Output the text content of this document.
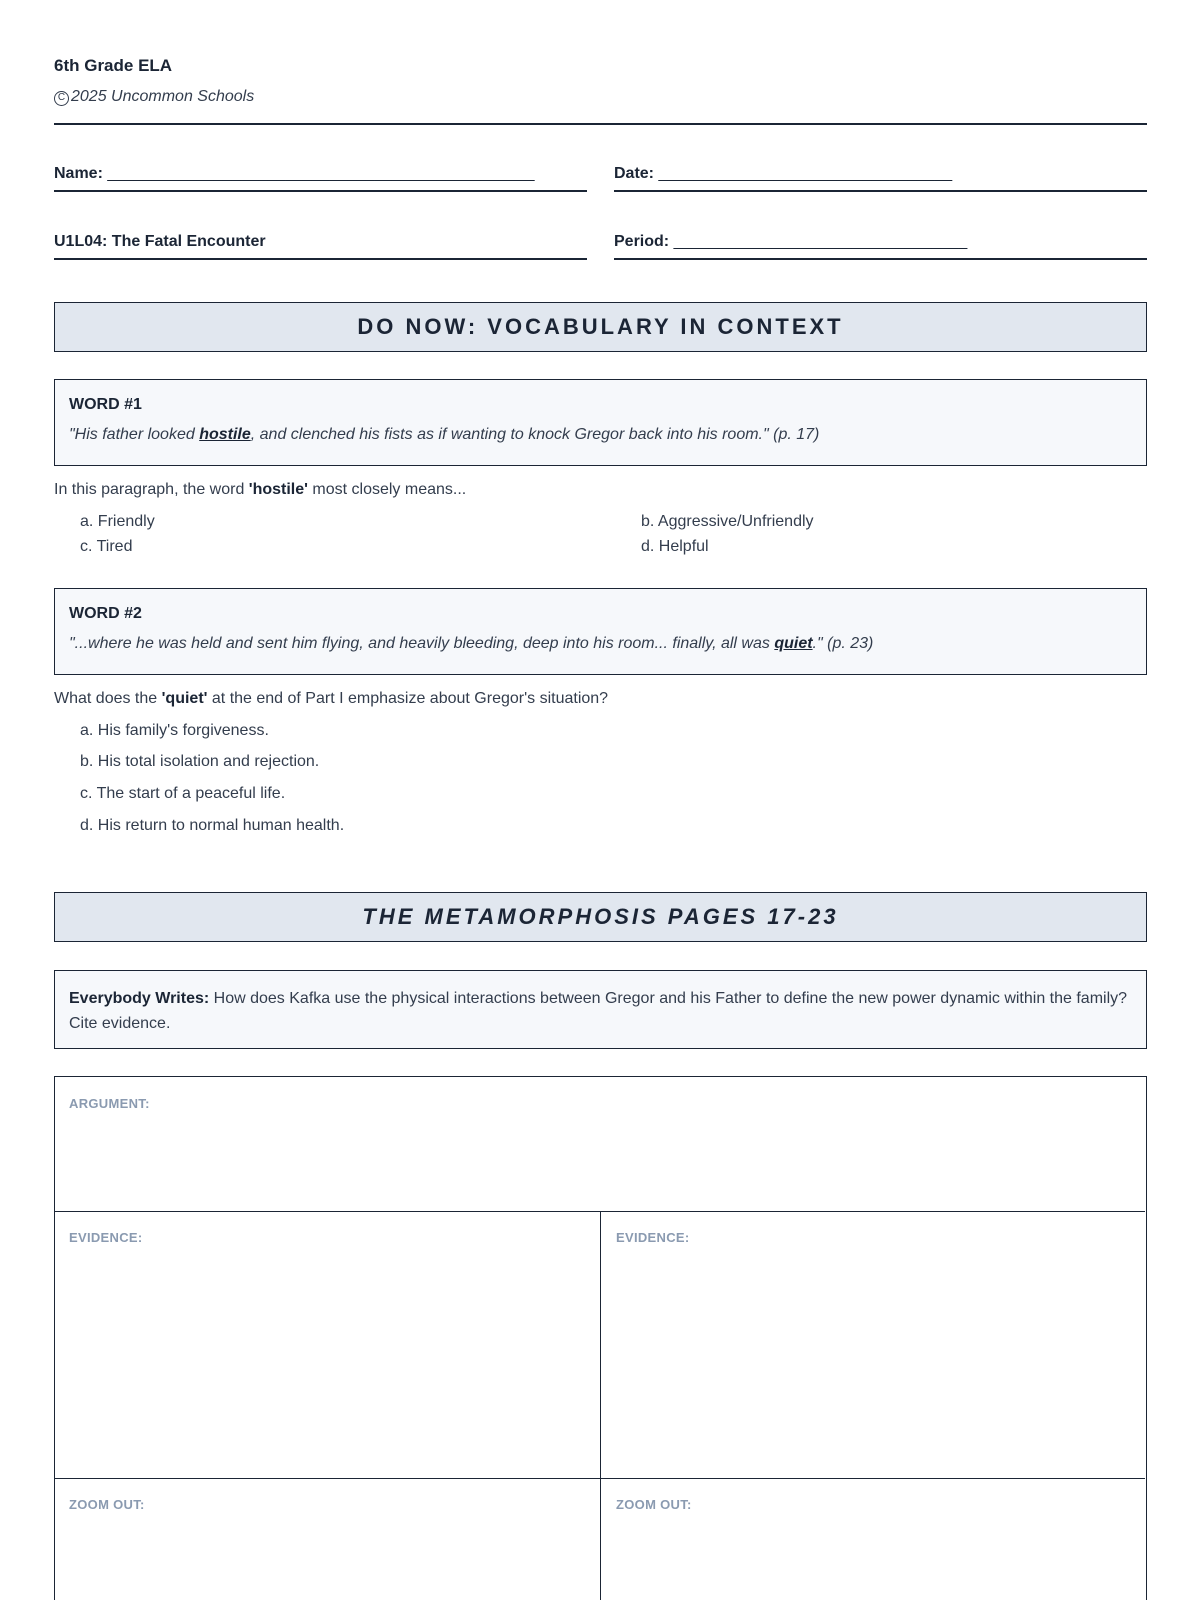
6th Grade ELA
C 2025 Uncommon Schools
Name: ________________________________________________	Date: _________________________________
U1L04: The Fatal Encounter	Period: _________________________________
DO NOW: VOCABULARY IN CONTEXT
WORD #1
"His father looked hostile, and clenched his fists as if wanting to knock Gregor back into his room." (p. 17)
In this paragraph, the word 'hostile' most closely means...
a. Friendly	b. Aggressive/Unfriendly
c. Tired	d. Helpful
WORD #2
"...where he was held and sent him flying, and heavily bleeding, deep into his room... finally, all was quiet." (p. 23)
What does the 'quiet' at the end of Part I emphasize about Gregor's situation?
a. His family's forgiveness.
b. His total isolation and rejection.
c. The start of a peaceful life.
d. His return to normal human health.
THE METAMORPHOSIS PAGES 17-23
Everybody Writes: How does Kafka use the physical interactions between Gregor and his Father to define the new power dynamic within the family? Cite evidence.
ARGUMENT:
EVIDENCE:	EVIDENCE:
ZOOM OUT:	ZOOM OUT:
